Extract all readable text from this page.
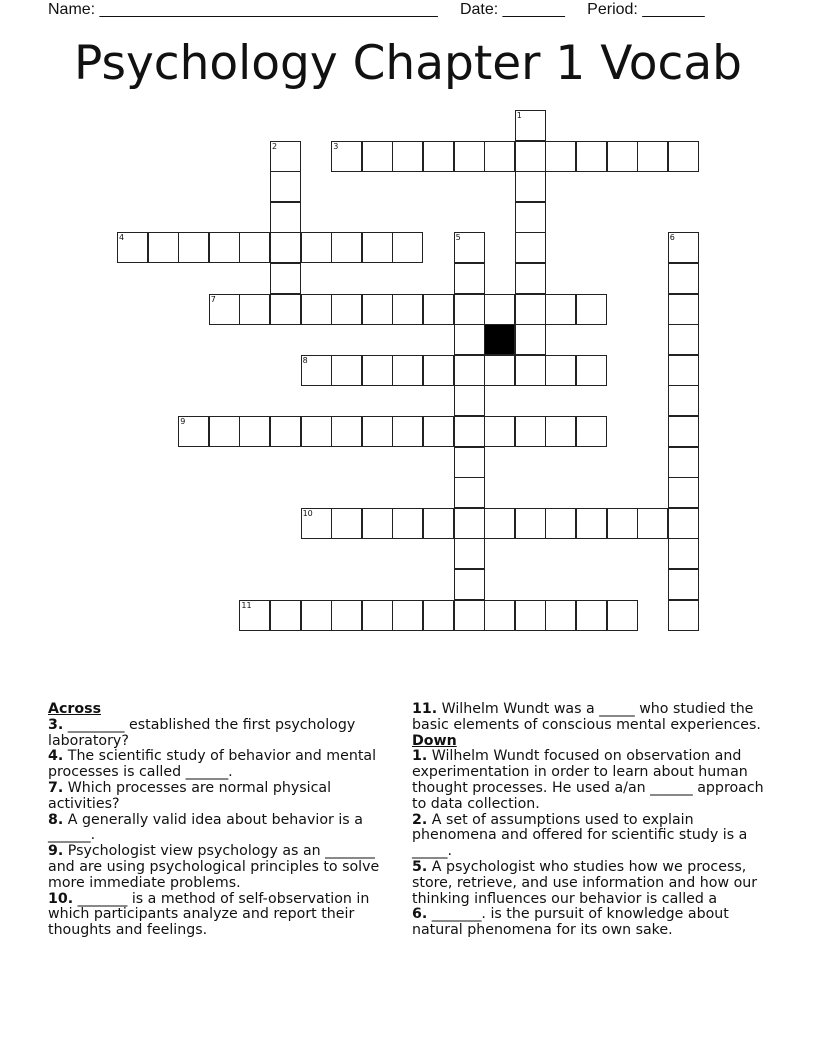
Name: ______________________________________ Date: _______ Period: _______
Psychology Chapter 1 Vocab
1
2	3
4	5	6
7
8
9
10
11

Across

3. ________ established the first psychology laboratory?

4. The scientific study of behavior and mental processes is called ______.

7. Which processes are normal physical activities?

8. A generally valid idea about behavior is a ______.

9. Psychologist view psychology as an _______ and are using psychological principles to solve more immediate problems.

10. _______ is a method of self-observation in which participants analyze and report their thoughts and feelings.

11. Wilhelm Wundt was a _____ who studied the basic elements of conscious mental experiences.

Down

1. Wilhelm Wundt focused on observation and experimentation in order to learn about human thought processes. He used a/an ______ approach to data collection.

2. A set of assumptions used to explain phenomena and offered for scientific study is a _____.

5. A psychologist who studies how we process, store, retrieve, and use information and how our thinking influences our behavior is called a

6. _______. is the pursuit of knowledge about natural phenomena for its own sake.
